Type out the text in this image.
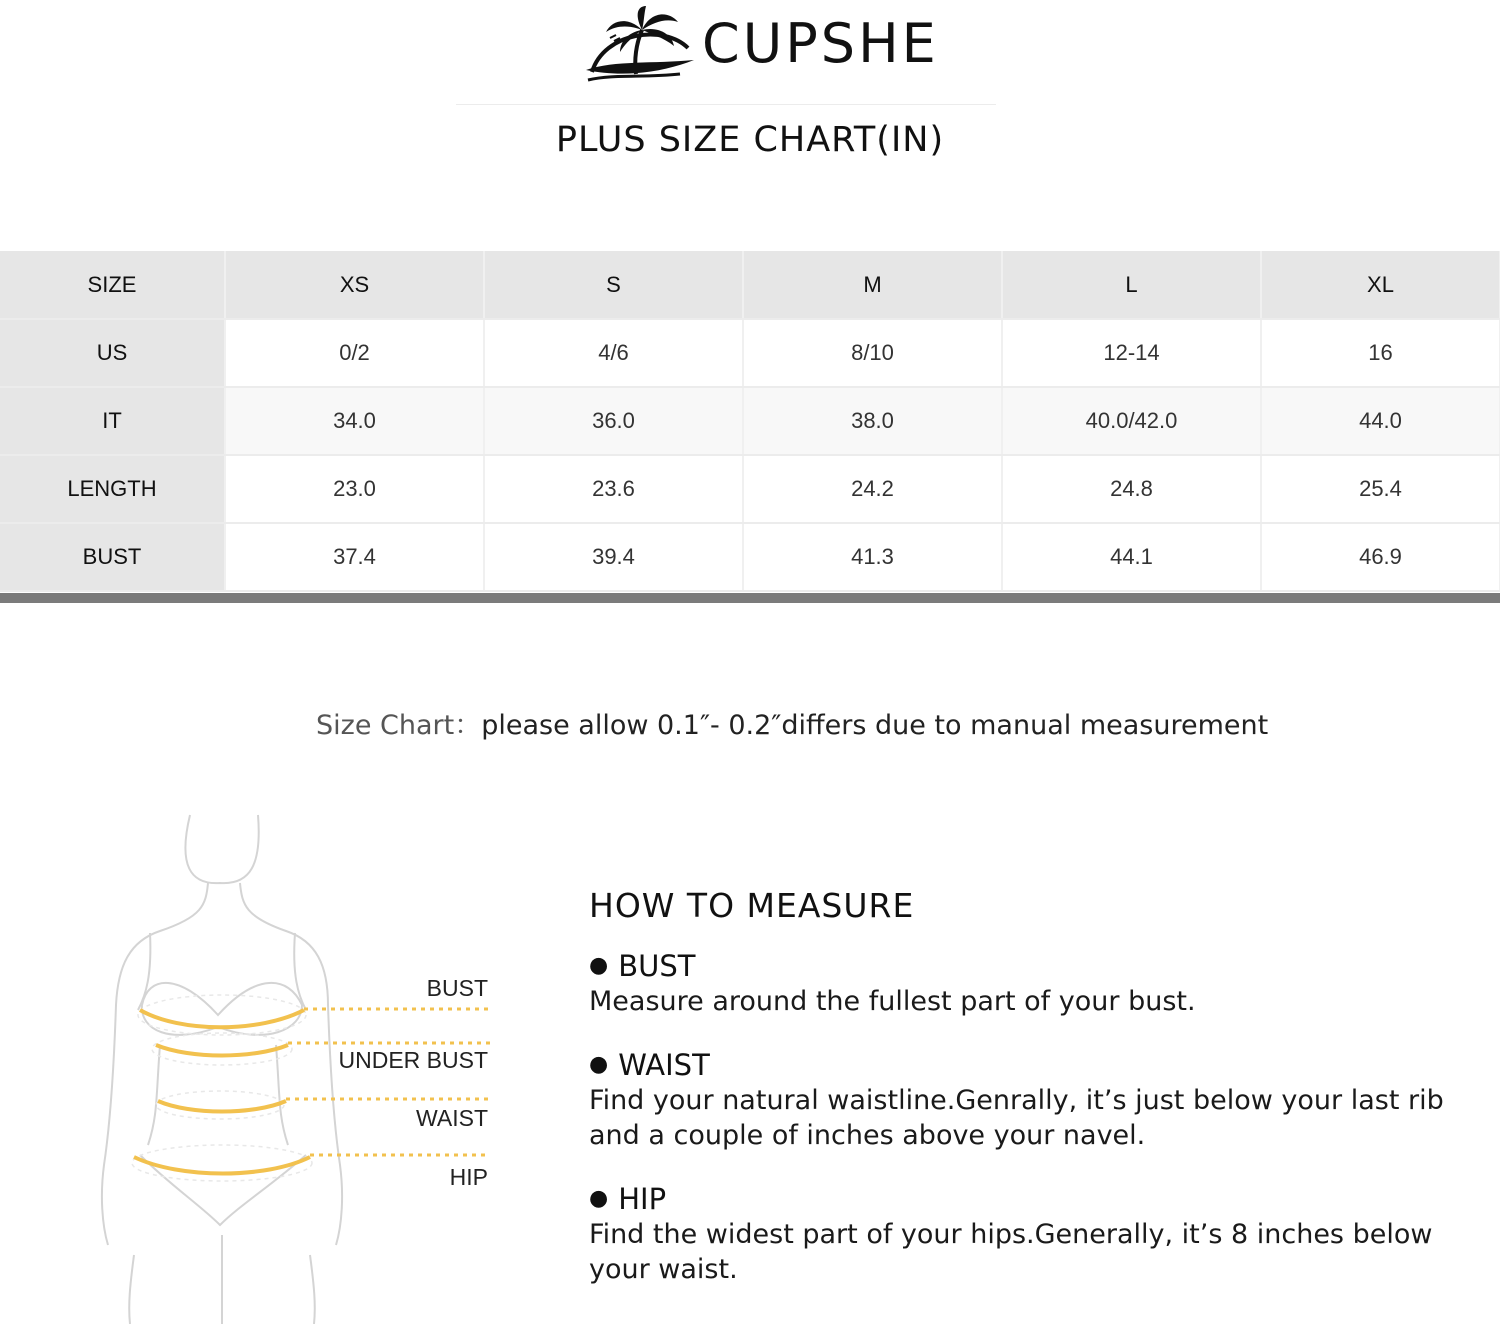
CUPSHE
PLUS SIZE CHART(IN)
SIZE	XS	S	M	L	XL
US	0/2	4/6	8/10	12-14	16
IT	34.0	36.0	38.0	40.0/42.0	44.0
LENGTH	23.0	23.6	24.2	24.8	25.4
BUST	37.4	39.4	41.3	44.1	46.9
Size Chart：please allow 0.1″- 0.2″differs due to manual measurement
BUST
UNDER BUST
WAIST
HIP
HOW TO MEASURE
● BUST
Measure around the fullest part of your bust.
● WAIST
Find your natural waistline.Genrally, it’s just below your last rib and a couple of inches above your navel.
● HIP
Find the widest part of your hips.Generally, it’s 8 inches below your waist.
